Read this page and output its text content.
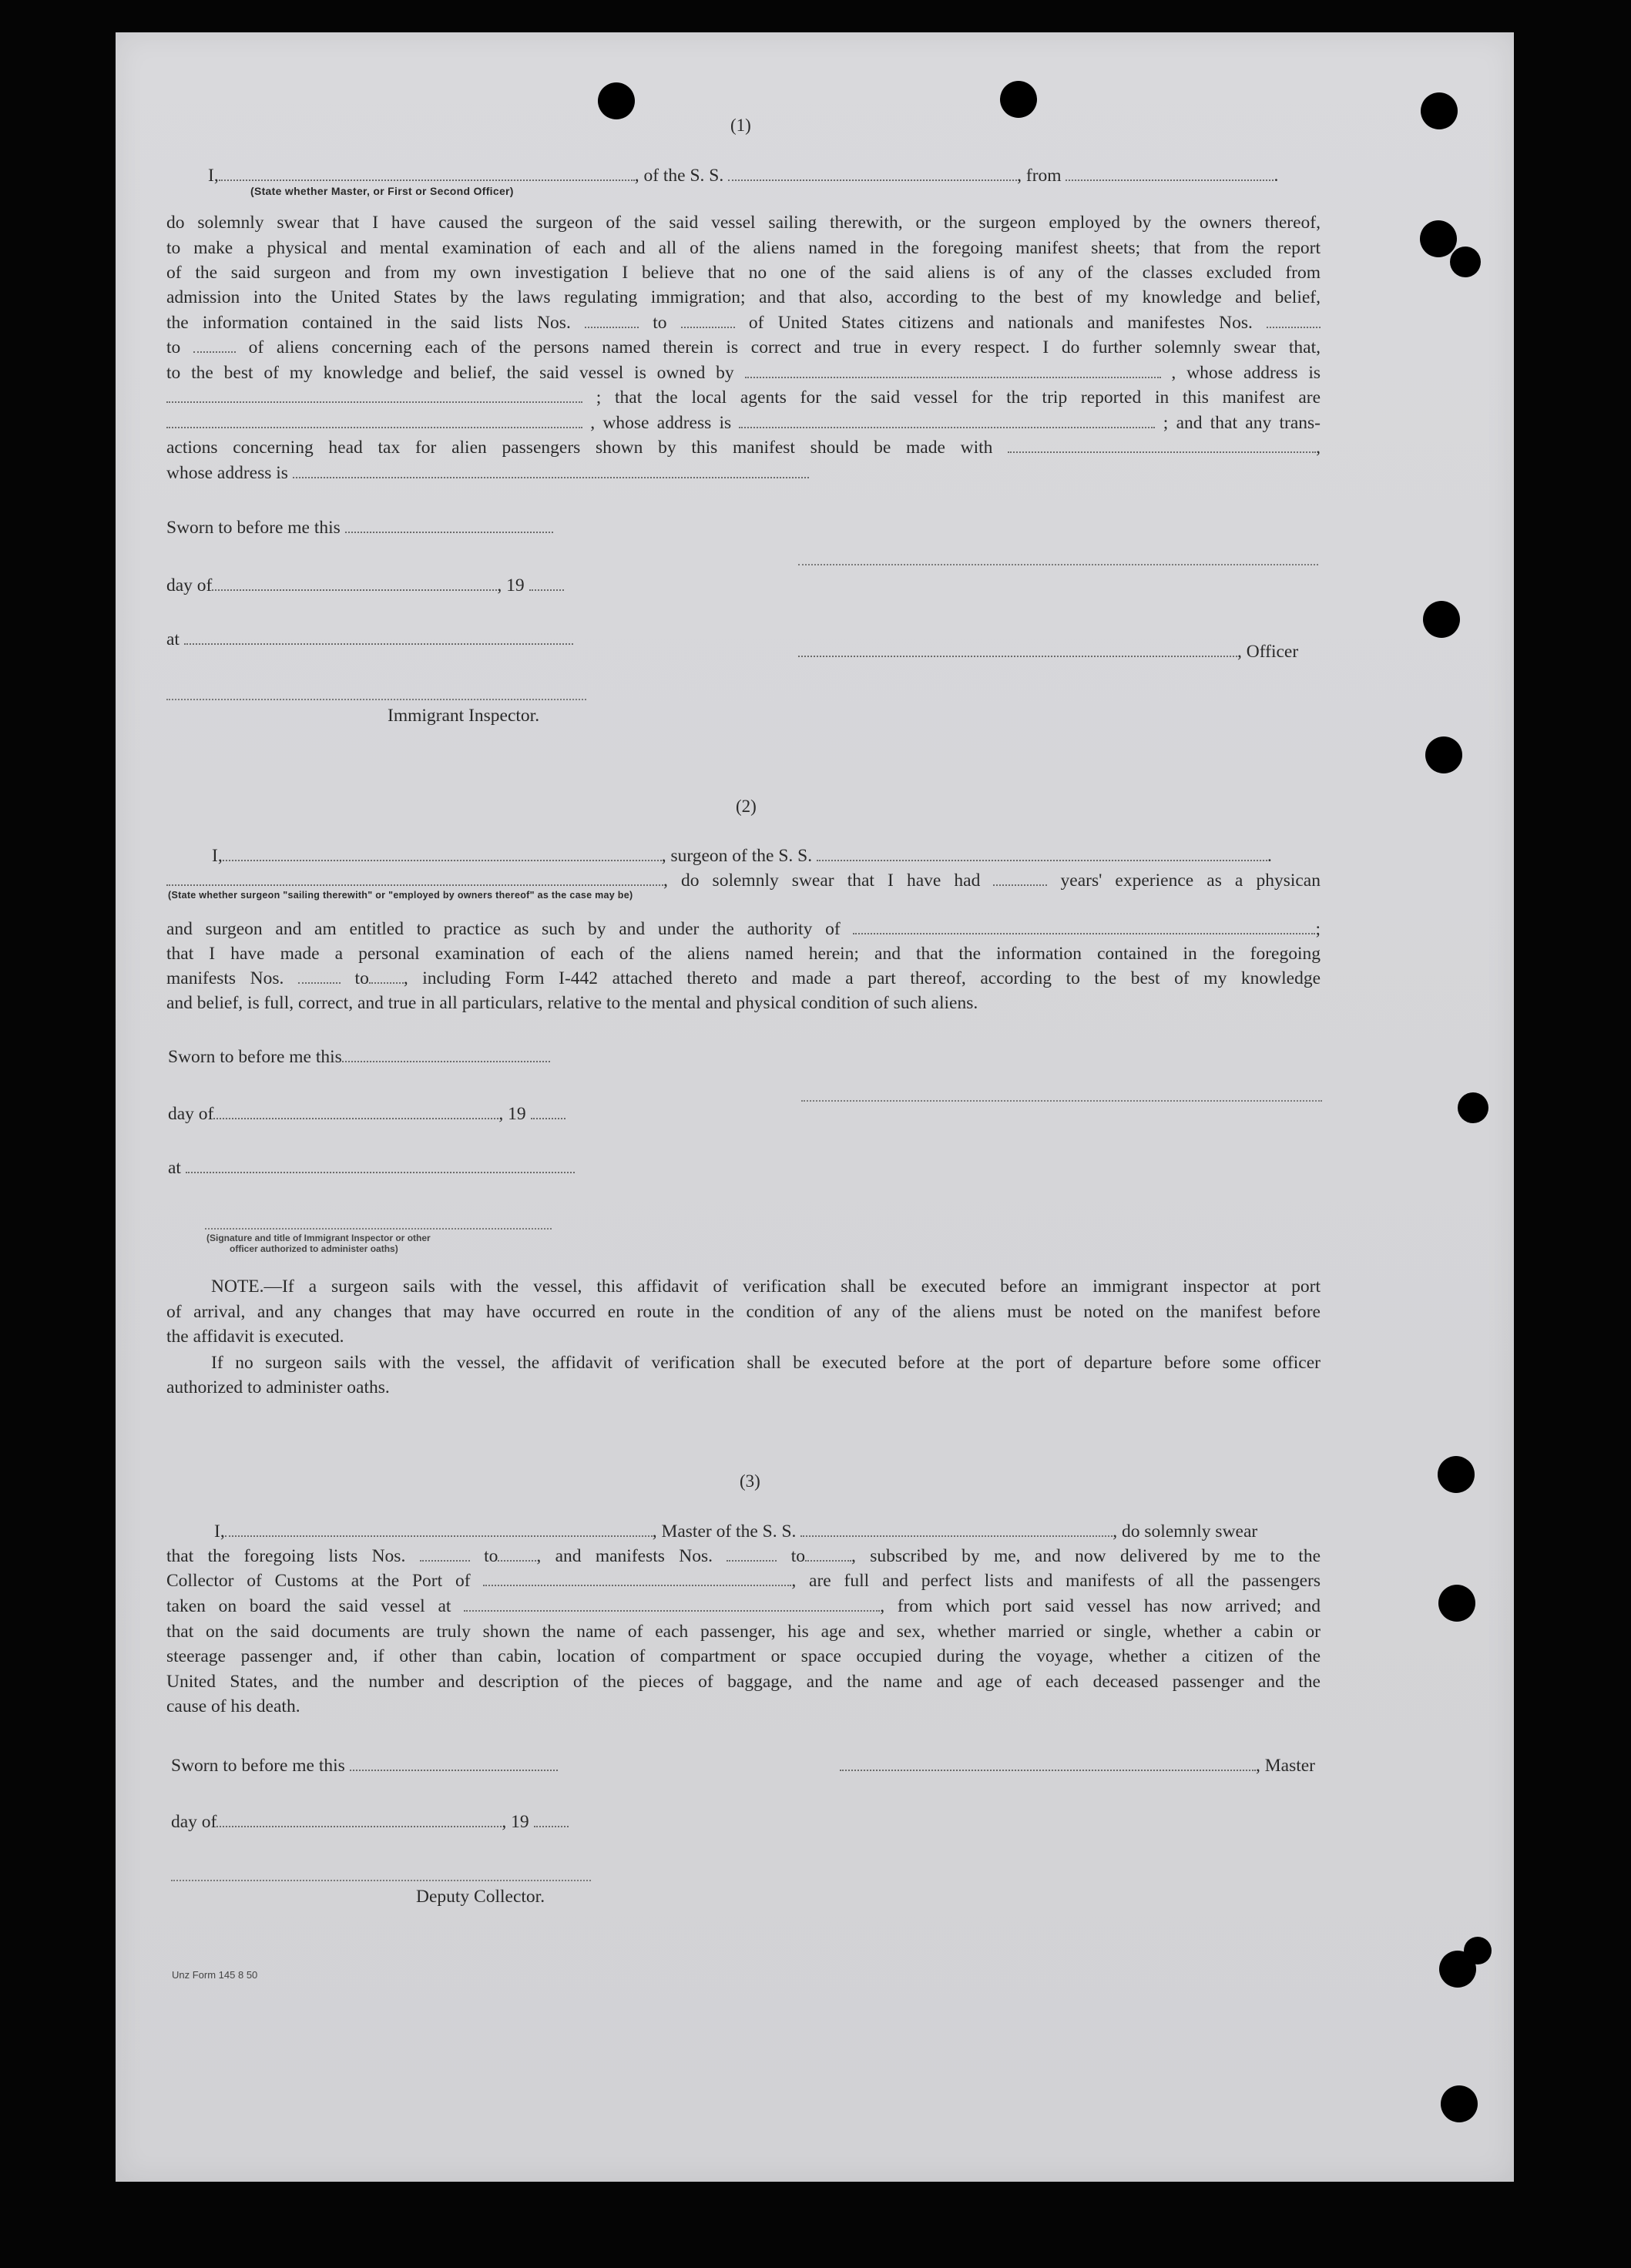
(1)
I,	, of the S. S.	, from	.
(State whether Master, or First or Second Officer)
do solemnly swear that I have caused the surgeon of the said vessel sailing therewith, or the surgeon employed by the owners thereof,
to make a physical and mental examination of each and all of the aliens named in the foregoing manifest sheets; that from the report
of the said surgeon and from my own investigation I believe that no one of the said aliens is of any of the classes excluded from
admission into the United States by the laws regulating immigration; and that also, according to the best of my knowledge and belief,
the information contained in the said lists Nos.	to	of United States citizens and nationals and manifestes Nos.
to	of aliens concerning each of the persons named therein is correct and true in every respect. I do further solemnly swear that,
to the best of my knowledge and belief, the said vessel is owned by	, whose address is
; that the local agents for the said vessel for the trip reported in this manifest are
, whose address is	; and that any trans-
actions concerning head tax for alien passengers shown by this manifest should be made with	,
whose address is
Sworn to before me this
day of	, 19
at
, Officer
Immigrant Inspector.
(2)
I,	, surgeon of the S. S.	.
, do solemnly swear that I have had	years' experience as a physican
(State whether surgeon "sailing therewith" or "employed by owners thereof" as the case may be)
and surgeon and am entitled to practice as such by and under the authority of	;
that I have made a personal examination of each of the aliens named herein; and that the information contained in the foregoing
manifests Nos.	to , including Form I-442 attached thereto and made a part thereof, according to the best of my knowledge
and belief, is full, correct, and true in all particulars, relative to the mental and physical condition of such aliens.
Sworn to before me this
day of	, 19
at
(Signature and title of Immigrant Inspector or other
officer authorized to administer oaths)
NOTE.—If a surgeon sails with the vessel, this affidavit of verification shall be executed before an immigrant inspector at port
of arrival, and any changes that may have occurred en route in the condition of any of the aliens must be noted on the manifest before
the affidavit is executed.
If no surgeon sails with the vessel, the affidavit of verification shall be executed before at the port of departure before some officer
authorized to administer oaths.
(3)
I,	, Master of the S. S.	, do solemnly swear
that the foregoing lists Nos.	to , and manifests Nos.	to	, subscribed by me, and now delivered by me to the
Collector of Customs at the Port of	, are full and perfect lists and manifests of all the passengers
taken on board the said vessel at	, from which port said vessel has now arrived; and
that on the said documents are truly shown the name of each passenger, his age and sex, whether married or single, whether a cabin or
steerage passenger and, if other than cabin, location of compartment or space occupied during the voyage, whether a citizen of the
United States, and the number and description of the pieces of baggage, and the name and age of each deceased passenger and the
cause of his death.
Sworn to before me this	, Master
day of	, 19
Deputy Collector.
Unz Form 145 8 50
